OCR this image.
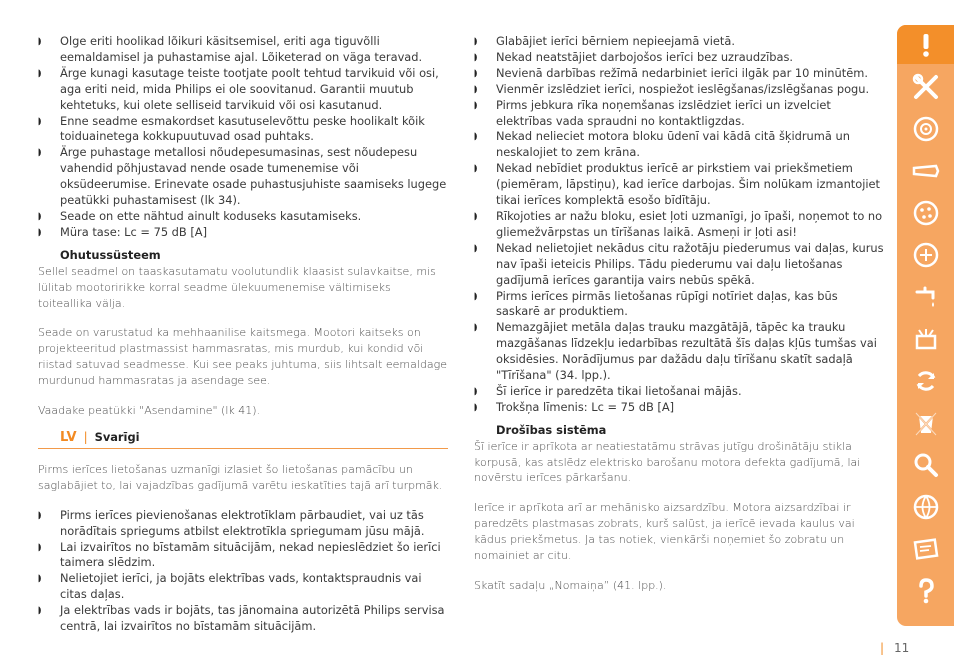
◗ Olge eriti hoolikad lõikuri käsitsemisel, eriti aga tiguvõlli eemaldamisel ja puhastamise ajal. Lõiketerad on väga teravad.
◗ Ärge kunagi kasutage teiste tootjate poolt tehtud tarvikuid või osi, aga eriti neid, mida Philips ei ole soovitanud. Garantii muutub kehtetuks, kui olete selliseid tarvikuid või osi kasutanud.
◗ Enne seadme esmakordset kasutuselevõttu peske hoolikalt kõik toiduainetega kokkupuutuvad osad puhtaks.
◗ Ärge puhastage metallosi nõudepesumasinas, sest nõudepesu vahendid põhjustavad nende osade tumenemise või oksüdeerumise. Erinevate osade puhastusjuhiste saamiseks lugege peatükki puhastamisest (lk 34).
◗ Seade on ette nähtud ainult koduseks kasutamiseks.
◗ Müra tase: Lc = 75 dB [A]

Ohutussüsteem

Sellel seadmel on taaskasutamatu voolutundlik klaasist sulavkaitse, mis lülitab mootoririkke korral seadme ülekuumenemise vältimiseks toiteallika välja.

Seade on varustatud ka mehhaanilise kaitsmega. Mootori kaitseks on projekteeritud plastmassist hammasratas, mis murdub, kui kondid või riistad satuvad seadmesse. Kui see peaks juhtuma, siis lihtsalt eemaldage murdunud hammasratas ja asendage see.

Vaadake peatükki "Asendamine" (lk 41).

LV | Svarīgi

Pirms ierīces lietošanas uzmanīgi izlasiet šo lietošanas pamācību un saglabājiet to, lai vajadzības gadījumā varētu ieskatīties tajā arī turpmāk.

◗ Pirms ierīces pievienošanas elektrotīklam pārbaudiet, vai uz tās norādītais spriegums atbilst elektrotīkla spriegumam jūsu mājā.
◗ Lai izvairītos no bīstamām situācijām, nekad nepieslēdziet šo ierīci taimera slēdzim.
◗ Nelietojiet ierīci, ja bojāts elektrības vads, kontaktspraudnis vai citas daļas.
◗ Ja elektrības vads ir bojāts, tas jānomaina autorizētā Philips servisa centrā, lai izvairītos no bīstamām situācijām.
◗ Glabājiet ierīci bērniem nepieejamā vietā.
◗ Nekad neatstājiet darbojošos ierīci bez uzraudzības.
◗ Nevienā darbības režīmā nedarbiniet ierīci ilgāk par 10 minūtēm.
◗ Vienmēr izslēdziet ierīci, nospiežot ieslēgšanas/izslēgšanas pogu.
◗ Pirms jebkura rīka noņemšanas izslēdziet ierīci un izvelciet elektrības vada spraudni no kontaktligzdas.
◗ Nekad nelieciet motora bloku ūdenī vai kādā citā šķidrumā un neskalojiet to zem krāna.
◗ Nekad nebīdiet produktus ierīcē ar pirkstiem vai priekšmetiem (piemēram, lāpstiņu), kad ierīce darbojas. Šim nolūkam izmantojiet tikai ierīces komplektā esošo bīdītāju.
◗ Rīkojoties ar nažu bloku, esiet ļoti uzmanīgi, jo īpaši, noņemot to no gliemežvārpstas un tīrīšanas laikā. Asmeņi ir ļoti asi!
◗ Nekad nelietojiet nekādus citu ražotāju piederumus vai daļas, kurus nav īpaši ieteicis Philips. Tādu piederumu vai daļu lietošanas gadījumā ierīces garantija vairs nebūs spēkā.
◗ Pirms ierīces pirmās lietošanas rūpīgi notīriet daļas, kas būs saskarē ar produktiem.
◗ Nemazgājiet metāla daļas trauku mazgātājā, tāpēc ka trauku mazgāšanas līdzekļu iedarbības rezultātā šīs daļas kļūs tumšas vai oksidēsies. Norādījumus par dažādu daļu tīrīšanu skatīt sadaļā "Tīrīšana" (34. lpp.).
◗ Šī ierīce ir paredzēta tikai lietošanai mājās.
◗ Trokšņa līmenis: Lc = 75 dB [A]

Drošības sistēma

Šī ierīce ir aprīkota ar neatiestatāmu strāvas jutīgu drošinātāju stikla korpusā, kas atslēdz elektrisko barošanu motora defekta gadījumā, lai novērstu ierīces pārkaršanu.

Ierīce ir aprīkota arī ar mehānisko aizsardzību. Motora aizsardzībai ir paredzēts plastmasas zobrats, kurš salūst, ja ierīcē ievada kaulus vai kādus priekšmetus. Ja tas notiek, vienkārši noņemiet šo zobratu un nomainiet ar citu.

Skatīt sadaļu „Nomaiņa” (41. lpp.).

| 11
